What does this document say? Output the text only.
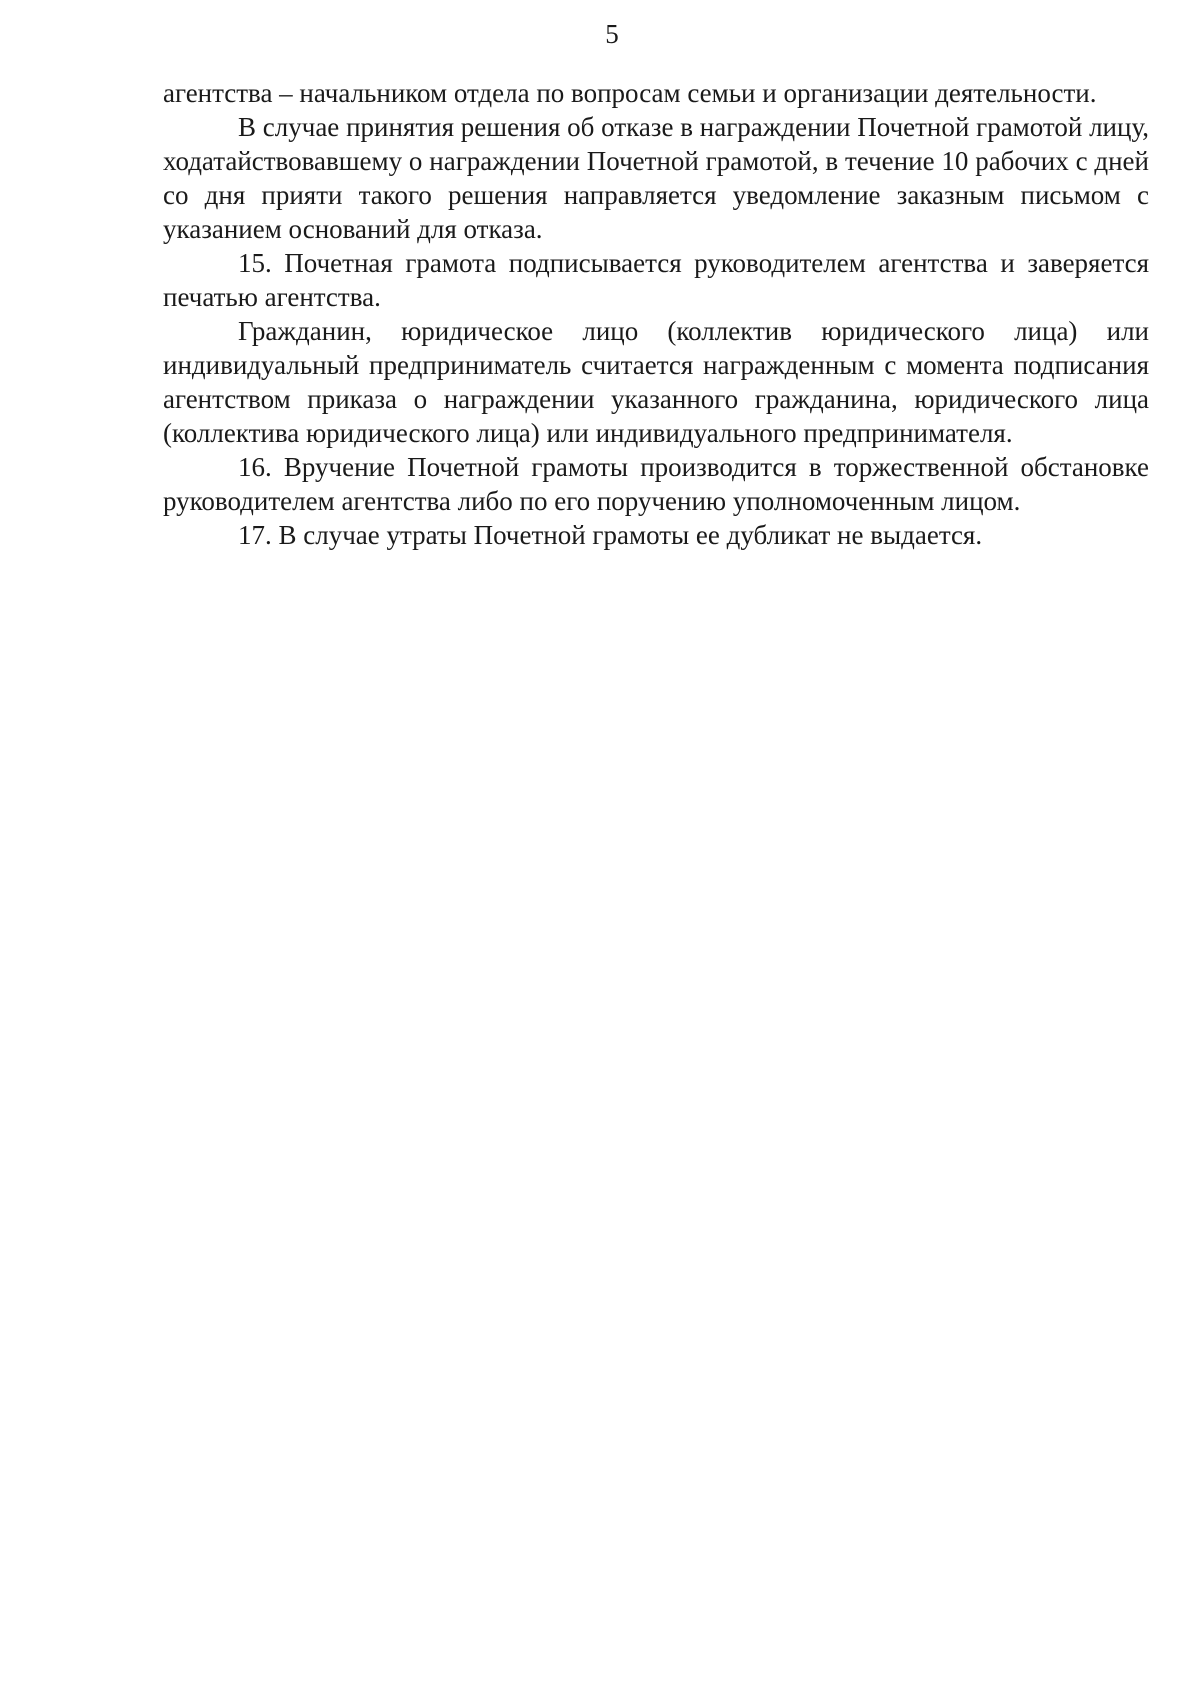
5

агентства – начальником отдела по вопросам семьи и организации деятельности.

В случае принятия решения об отказе в награждении Почетной грамотой лицу, ходатайствовавшему о награждении Почетной грамотой, в течение 10 рабочих с дней со дня прияти такого решения направляется уведомление заказным письмом с указанием оснований для отказа.

15. Почетная грамота подписывается руководителем агентства и заверяется печатью агентства.

Гражданин, юридическое лицо (коллектив юридического лица) или индивидуальный предприниматель считается награжденным с момента подписания агентством приказа о награждении указанного гражданина, юридического лица (коллектива юридического лица) или индивидуального предпринимателя.

16. Вручение Почетной грамоты производится в торжественной обстановке руководителем агентства либо по его поручению уполномоченным лицом.

17. В случае утраты Почетной грамоты ее дубликат не выдается.
